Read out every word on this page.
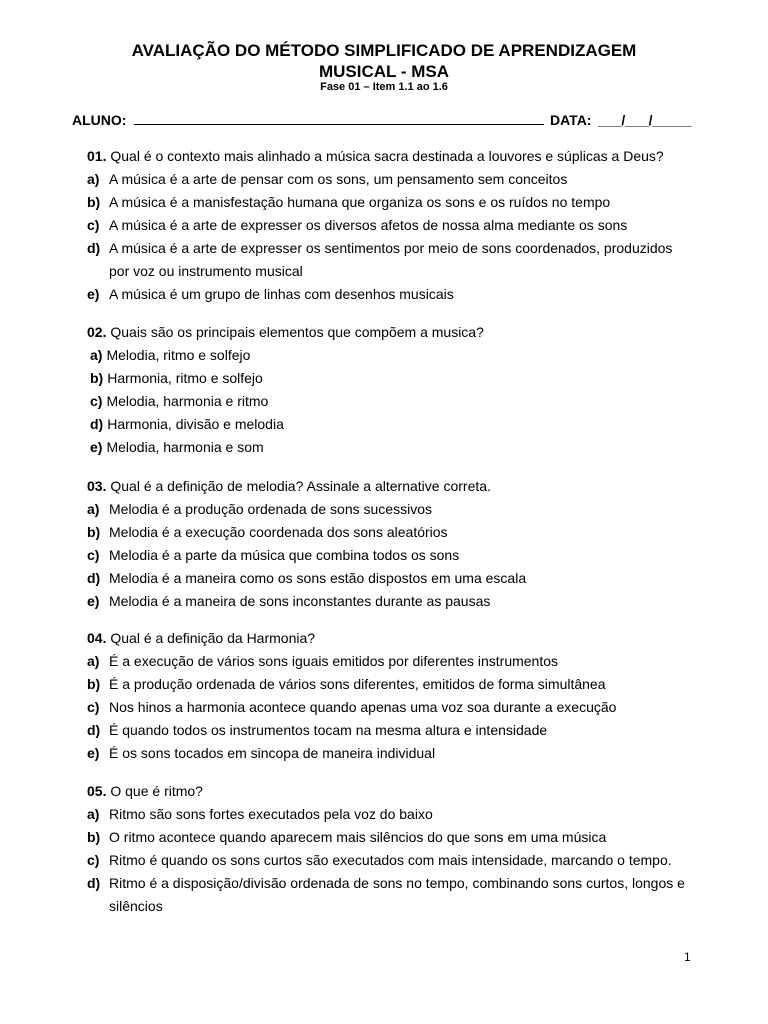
AVALIAÇÃO DO MÉTODO SIMPLIFICADO DE APRENDIZAGEM
MUSICAL - MSA
Fase 01 – Item 1.1 ao 1.6
ALUNO:	DATA: ___/___/_____
01. Qual é o contexto mais alinhado a música sacra destinada a louvores e súplicas a Deus?
a) A música é a arte de pensar com os sons, um pensamento sem conceitos
b) A música é a manisfestação humana que organiza os sons e os ruídos no tempo
c) A música é a arte de expresser os diversos afetos de nossa alma mediante os sons
d) A música é a arte de expresser os sentimentos por meio de sons coordenados, produzidos
por voz ou instrumento musical
e) A música é um grupo de linhas com desenhos musicais
02. Quais são os principais elementos que compõem a musica?
a) Melodia, ritmo e solfejo
b) Harmonia, ritmo e solfejo
c) Melodia, harmonia e ritmo
d) Harmonia, divisão e melodia
e) Melodia, harmonia e som
03. Qual é a definição de melodia? Assinale a alternative correta.
a) Melodia é a produção ordenada de sons sucessivos
b) Melodia é a execução coordenada dos sons aleatórios
c) Melodia é a parte da música que combina todos os sons
d) Melodia é a maneira como os sons estão dispostos em uma escala
e) Melodia é a maneira de sons inconstantes durante as pausas
04. Qual é a definição da Harmonia?
a) É a execução de vários sons iguais emitidos por diferentes instrumentos
b) É a produção ordenada de vários sons diferentes, emitidos de forma simultânea
c) Nos hinos a harmonia acontece quando apenas uma voz soa durante a execução
d) É quando todos os instrumentos tocam na mesma altura e intensidade
e) É os sons tocados em sincopa de maneira individual
05. O que é ritmo?
a) Ritmo são sons fortes executados pela voz do baixo
b) O ritmo acontece quando aparecem mais silêncios do que sons em uma música
c) Ritmo é quando os sons curtos são executados com mais intensidade, marcando o tempo.
d) Ritmo é a disposição/divisão ordenada de sons no tempo, combinando sons curtos, longos e
silêncios
1
